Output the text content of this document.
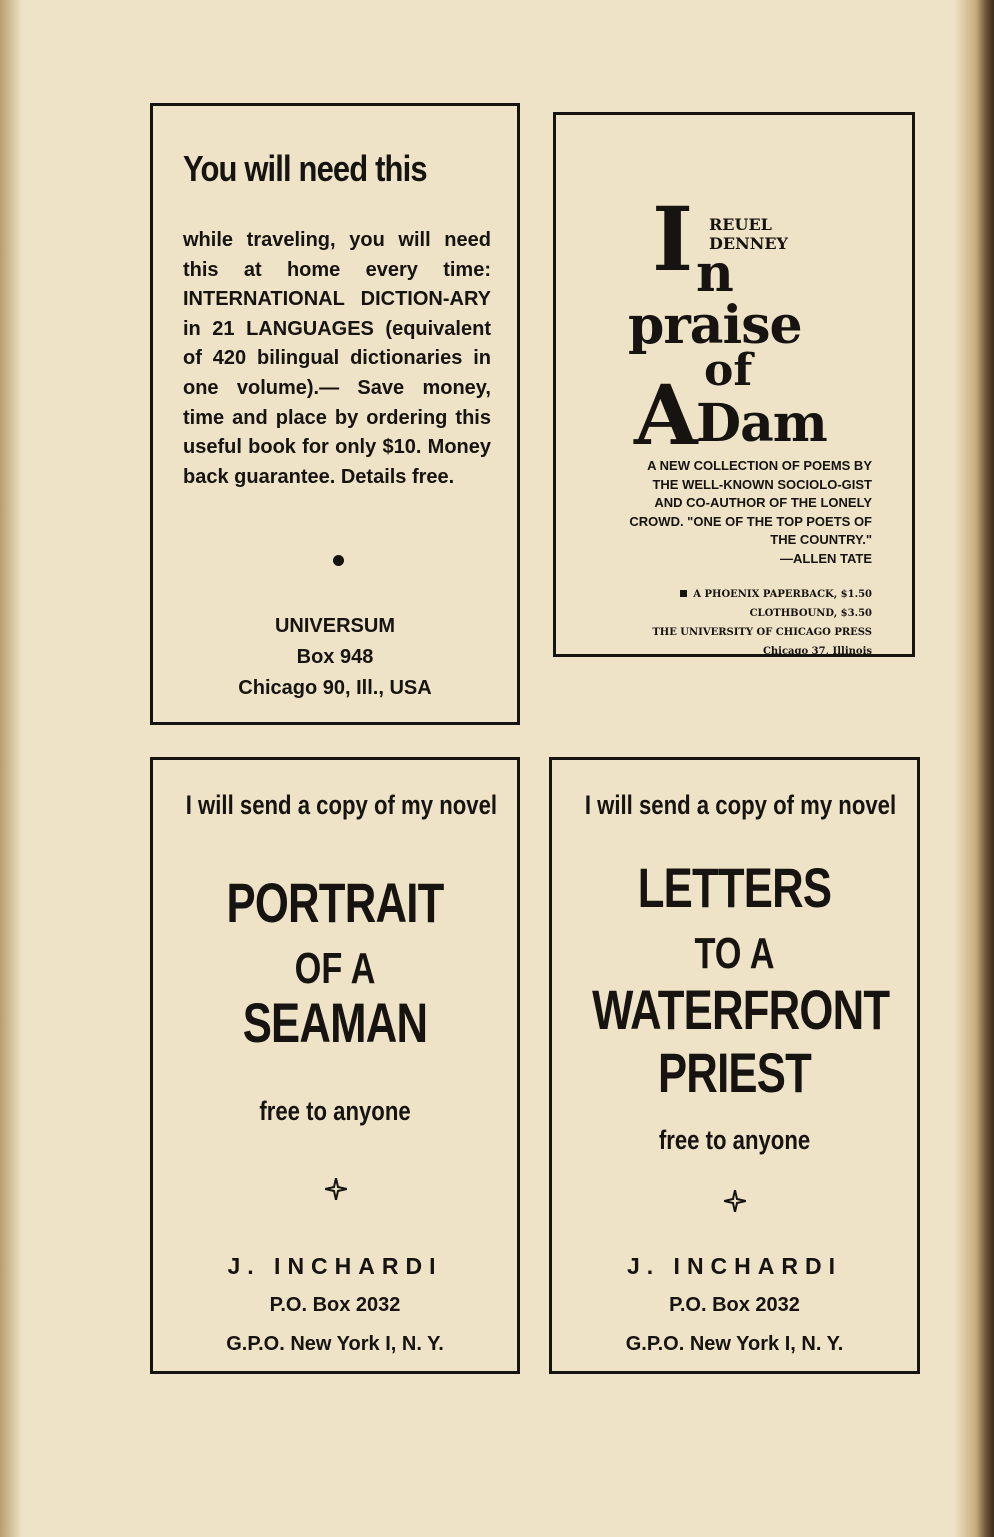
You will need this
while traveling, you will need this at home every time: INTERNATIONAL DICTION-ARY in 21 LANGUAGES (equivalent of 420 bilingual dictionaries in one volume).— Save money, time and place by ordering this useful book for only $10. Money back guarantee. Details free.
UNIVERSUM
Box 948
Chicago 90, Ill., USA
I REUEL
DENNEY
n
praise
of
A
Dam
A NEW COLLECTION OF POEMS BY THE WELL-KNOWN SOCIOLO-GIST AND CO-AUTHOR OF THE LONELY CROWD. "ONE OF THE TOP POETS OF THE COUNTRY."
—ALLEN TATE
A PHOENIX PAPERBACK, $1.50
CLOTHBOUND, $3.50
THE UNIVERSITY OF CHICAGO PRESS
Chicago 37, Illinois
I will send a copy of my novel
PORTRAIT
OF A
SEAMAN
free to anyone
J. INCHARDI
P.O. Box 2032
G.P.O. New York I, N. Y.
I will send a copy of my novel
LETTERS
TO A
WATERFRONT
PRIEST
free to anyone
J. INCHARDI
P.O. Box 2032
G.P.O. New York I, N. Y.
